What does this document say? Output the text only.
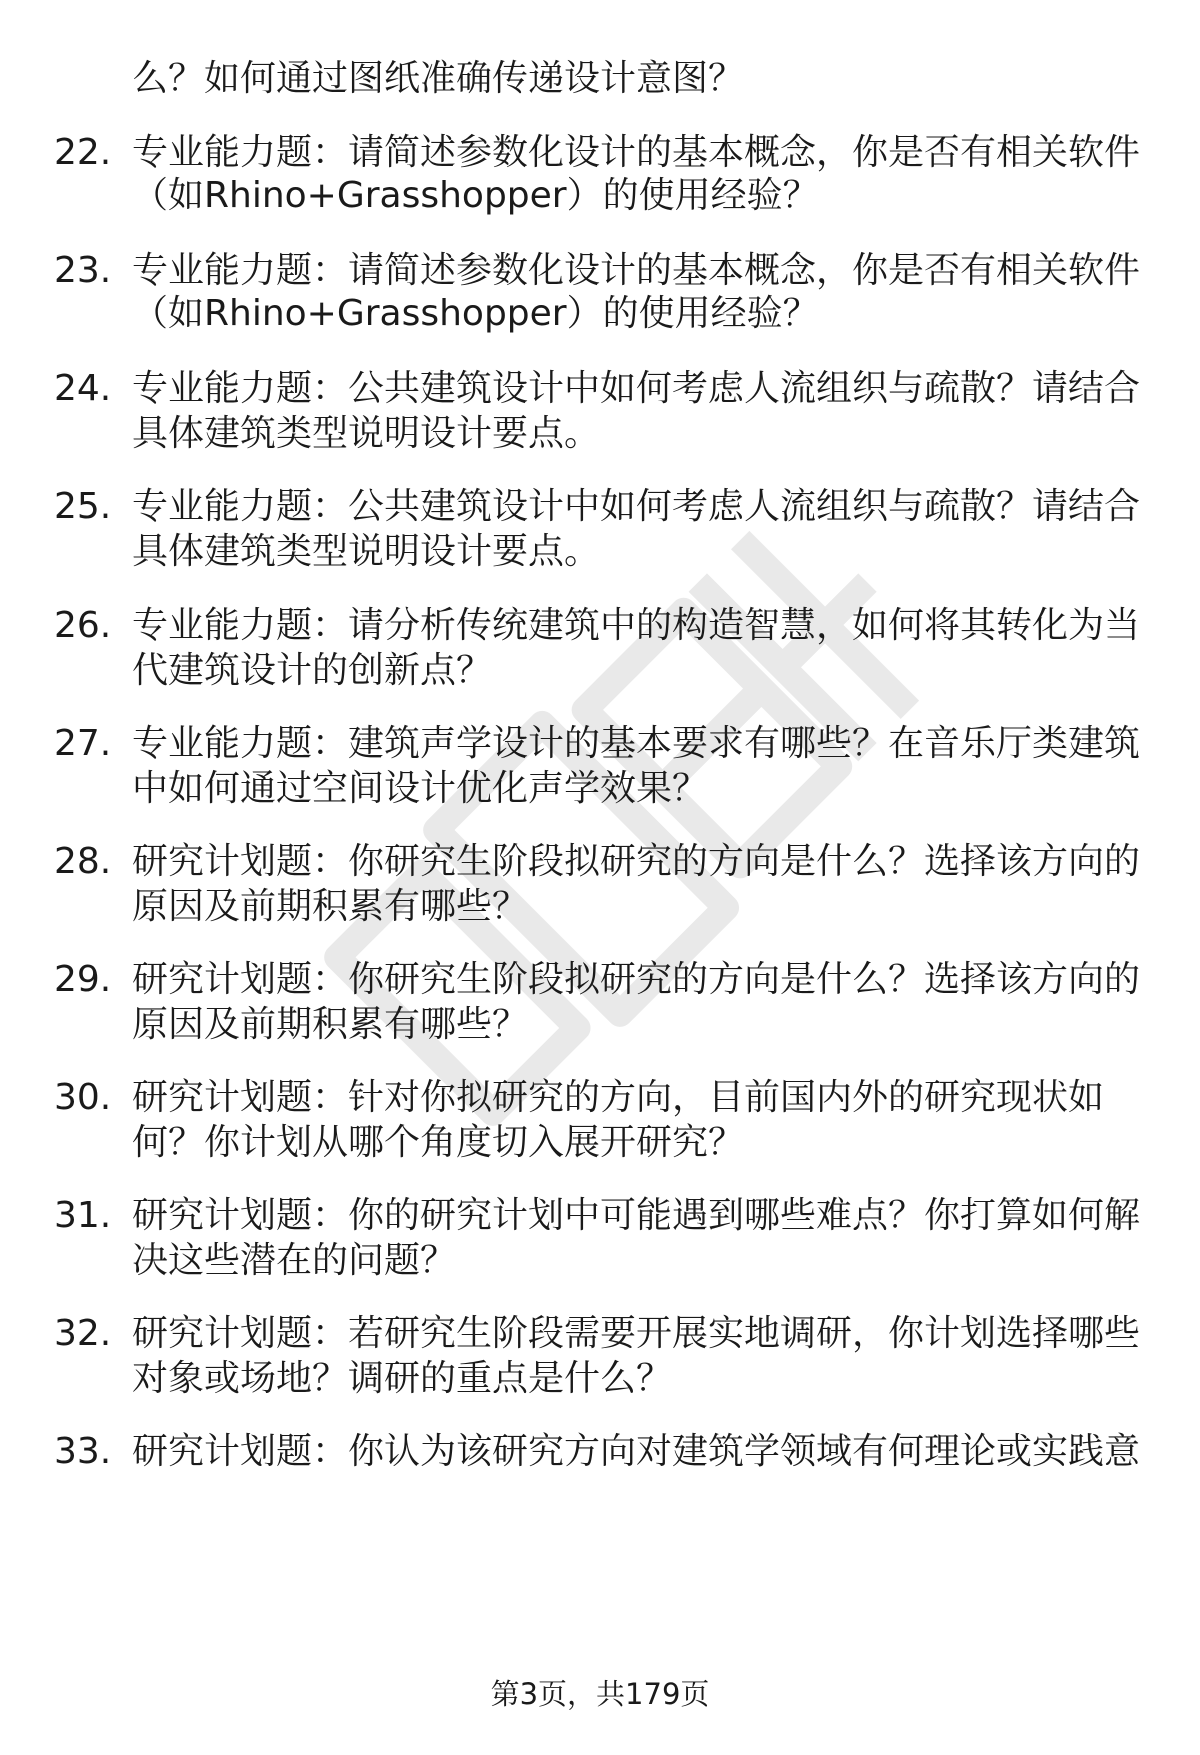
么？如何通过图纸准确传递设计意图？
22. 专业能力题：请简述参数化设计的基本概念，你是否有相关软件
（如Rhino+Grasshopper）的使用经验？
23. 专业能力题：请简述参数化设计的基本概念，你是否有相关软件
（如Rhino+Grasshopper）的使用经验？
24. 专业能力题：公共建筑设计中如何考虑人流组织与疏散？请结合
具体建筑类型说明设计要点。
25. 专业能力题：公共建筑设计中如何考虑人流组织与疏散？请结合
具体建筑类型说明设计要点。
26. 专业能力题：请分析传统建筑中的构造智慧，如何将其转化为当
代建筑设计的创新点？
27. 专业能力题：建筑声学设计的基本要求有哪些？在音乐厅类建筑
中如何通过空间设计优化声学效果？
28. 研究计划题：你研究生阶段拟研究的方向是什么？选择该方向的
原因及前期积累有哪些？
29. 研究计划题：你研究生阶段拟研究的方向是什么？选择该方向的
原因及前期积累有哪些？
30. 研究计划题：针对你拟研究的方向，目前国内外的研究现状如
何？你计划从哪个角度切入展开研究？
31. 研究计划题：你的研究计划中可能遇到哪些难点？你打算如何解
决这些潜在的问题？
32. 研究计划题：若研究生阶段需要开展实地调研，你计划选择哪些
对象或场地？调研的重点是什么？
33. 研究计划题：你认为该研究方向对建筑学领域有何理论或实践意
第3页，共179页
